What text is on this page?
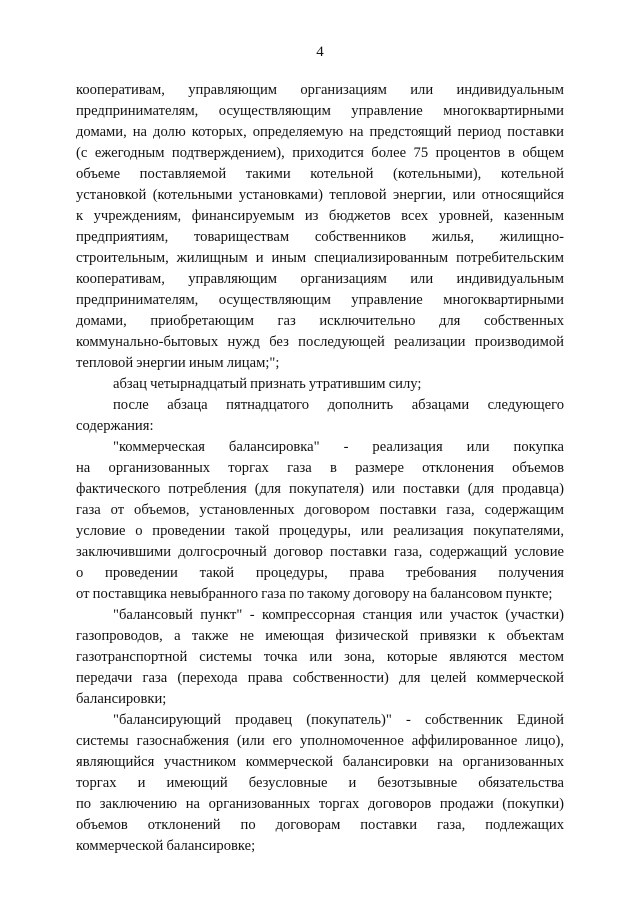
4
кооперативам, управляющим организациям или индивидуальным
предпринимателям, осуществляющим управление многоквартирными
домами, на долю которых, определяемую на предстоящий период поставки
(с ежегодным подтверждением), приходится более 75 процентов в общем
объеме поставляемой такими котельной (котельными), котельной
установкой (котельными установками) тепловой энергии, или относящийся
к учреждениям, финансируемым из бюджетов всех уровней, казенным
предприятиям, товариществам собственников жилья, жилищно-
строительным, жилищным и иным специализированным потребительским
кооперативам, управляющим организациям или индивидуальным
предпринимателям, осуществляющим управление многоквартирными
домами, приобретающим газ исключительно для собственных
коммунально-бытовых нужд без последующей реализации производимой
тепловой энергии иным лицам;";
абзац четырнадцатый признать утратившим силу;
после абзаца пятнадцатого дополнить абзацами следующего
содержания:
"коммерческая балансировка" - реализация или покупка
на организованных торгах газа в размере отклонения объемов
фактического потребления (для покупателя) или поставки (для продавца)
газа от объемов, установленных договором поставки газа, содержащим
условие о проведении такой процедуры, или реализация покупателями,
заключившими долгосрочный договор поставки газа, содержащий условие
о проведении такой процедуры, права требования получения
от поставщика невыбранного газа по такому договору на балансовом пункте;
"балансовый пункт" - компрессорная станция или участок (участки)
газопроводов, а также не имеющая физической привязки к объектам
газотранспортной системы точка или зона, которые являются местом
передачи газа (перехода права собственности) для целей коммерческой
балансировки;
"балансирующий продавец (покупатель)" - собственник Единой
системы газоснабжения (или его уполномоченное аффилированное лицо),
являющийся участником коммерческой балансировки на организованных
торгах и имеющий безусловные и безотзывные обязательства
по заключению на организованных торгах договоров продажи (покупки)
объемов отклонений по договорам поставки газа, подлежащих
коммерческой балансировке;
